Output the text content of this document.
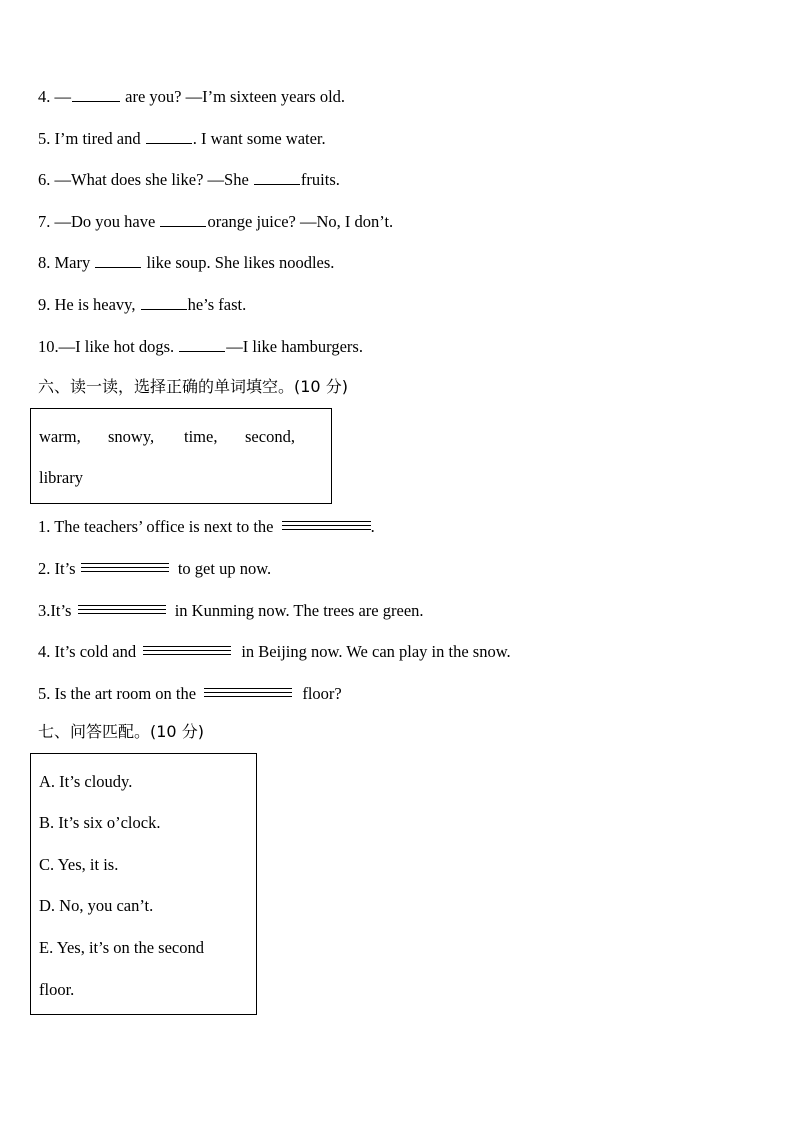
4. —	are you? —I’m sixteen years old.
5. I’m tired and	. I want some water.
6. —What does she like? —She	fruits.
7. —Do you have	orange juice? —No, I don’t.
8. Mary	like soup. She likes noodles.
9. He is heavy,	he’s fast.
10.—I like hot dogs.	—I like hamburgers.
六、读一读，选择正确的单词填空。(10 分)
warm, snowy, time, second,
library
1. The teachers’ office is next to the	.
2. It’s	to get up now.
3.It’s	in Kunming now. The trees are green.
4. It’s cold and	in Beijing now. We can play in the snow.
5. Is the art room on the	floor?
七、问答匹配。(10 分)
A. It’s cloudy.
B. It’s six o’clock.
C. Yes, it is.
D. No, you can’t.
E. Yes, it’s on the second
floor.
